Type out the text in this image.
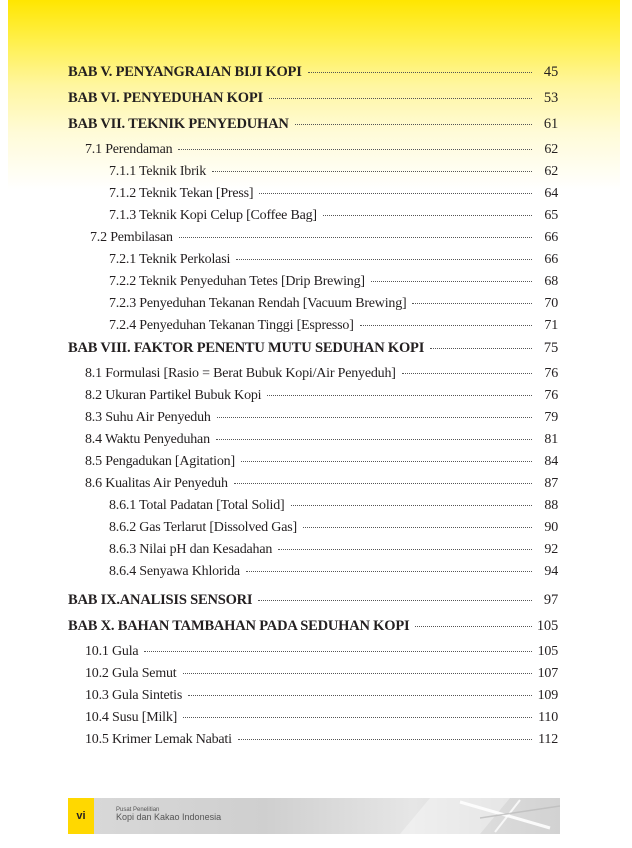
BAB V. PENYANGRAIAN BIJI KOPI	45
BAB VI. PENYEDUHAN KOPI	53
BAB VII. TEKNIK PENYEDUHAN	61
7.1 Perendaman	62
7.1.1 Teknik Ibrik	62
7.1.2 Teknik Tekan [Press]	64
7.1.3 Teknik Kopi Celup [Coffee Bag]	65
7.2 Pembilasan	66
7.2.1 Teknik Perkolasi	66
7.2.2 Teknik Penyeduhan Tetes [Drip Brewing]	68
7.2.3 Penyeduhan Tekanan Rendah [Vacuum Brewing]	70
7.2.4 Penyeduhan Tekanan Tinggi [Espresso]	71
BAB VIII. FAKTOR PENENTU MUTU SEDUHAN KOPI	75
8.1 Formulasi [Rasio = Berat Bubuk Kopi/Air Penyeduh]	76
8.2 Ukuran Partikel Bubuk Kopi	76
8.3 Suhu Air Penyeduh	79
8.4 Waktu Penyeduhan	81
8.5 Pengadukan [Agitation]	84
8.6 Kualitas Air Penyeduh	87
8.6.1 Total Padatan [Total Solid]	88
8.6.2 Gas Terlarut [Dissolved Gas]	90
8.6.3 Nilai pH dan Kesadahan	92
8.6.4 Senyawa Khlorida	94
BAB IX.ANALISIS SENSORI	97
BAB X. BAHAN TAMBAHAN PADA SEDUHAN KOPI	105
10.1 Gula	105
10.2 Gula Semut	107
10.3 Gula Sintetis	109
10.4 Susu [Milk]	110
10.5 Krimer Lemak Nabati	112
vi	Pusat Penelitian
Kopi dan Kakao Indonesia
